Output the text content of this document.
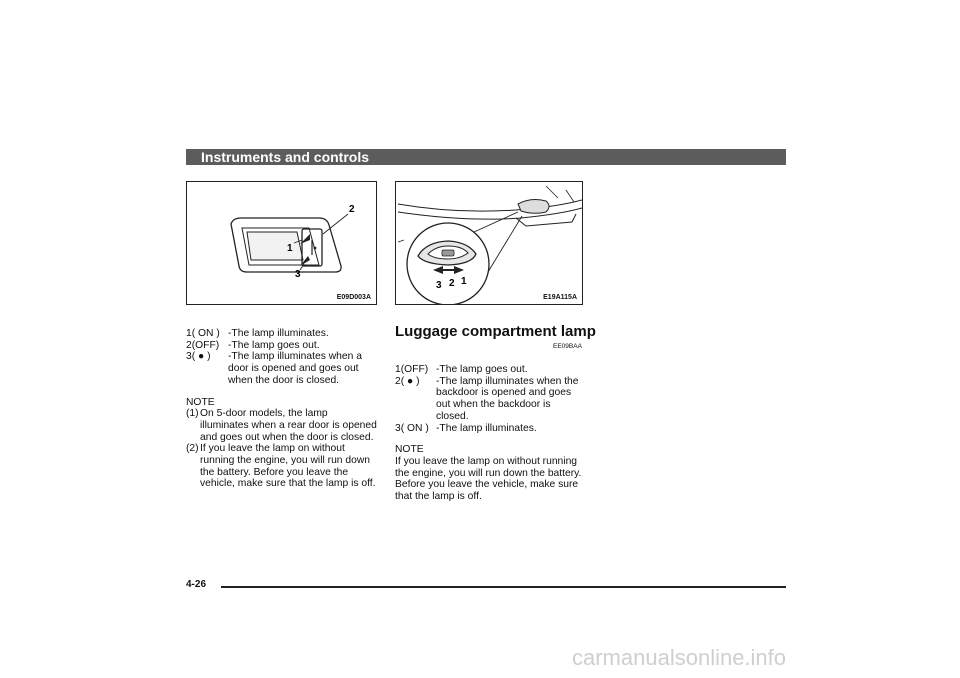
Instruments and controls
2
1
3
E09D003A
3 2 1
E19A115A
1( ON ) -The lamp illuminates.
2(OFF) -The lamp goes out.
3( ● )	-The lamp illuminates when a door is opened and goes out when the door is closed.
NOTE
(1) On 5-door models, the lamp illuminates when a rear door is opened and goes out when the door is closed.
(2) If you leave the lamp on without running the engine, you will run down the battery. Before you leave the vehicle, make sure that the lamp is off.
Luggage compartment lamp
EE09BAA
1(OFF) -The lamp goes out.
2( ● )	-The lamp illuminates when the backdoor is opened and goes out when the backdoor is closed.
3( ON ) -The lamp illuminates.
NOTE
If you leave the lamp on without running the engine, you will run down the battery. Before you leave the vehicle, make sure that the lamp is off.
4-26
carmanualsonline.info
